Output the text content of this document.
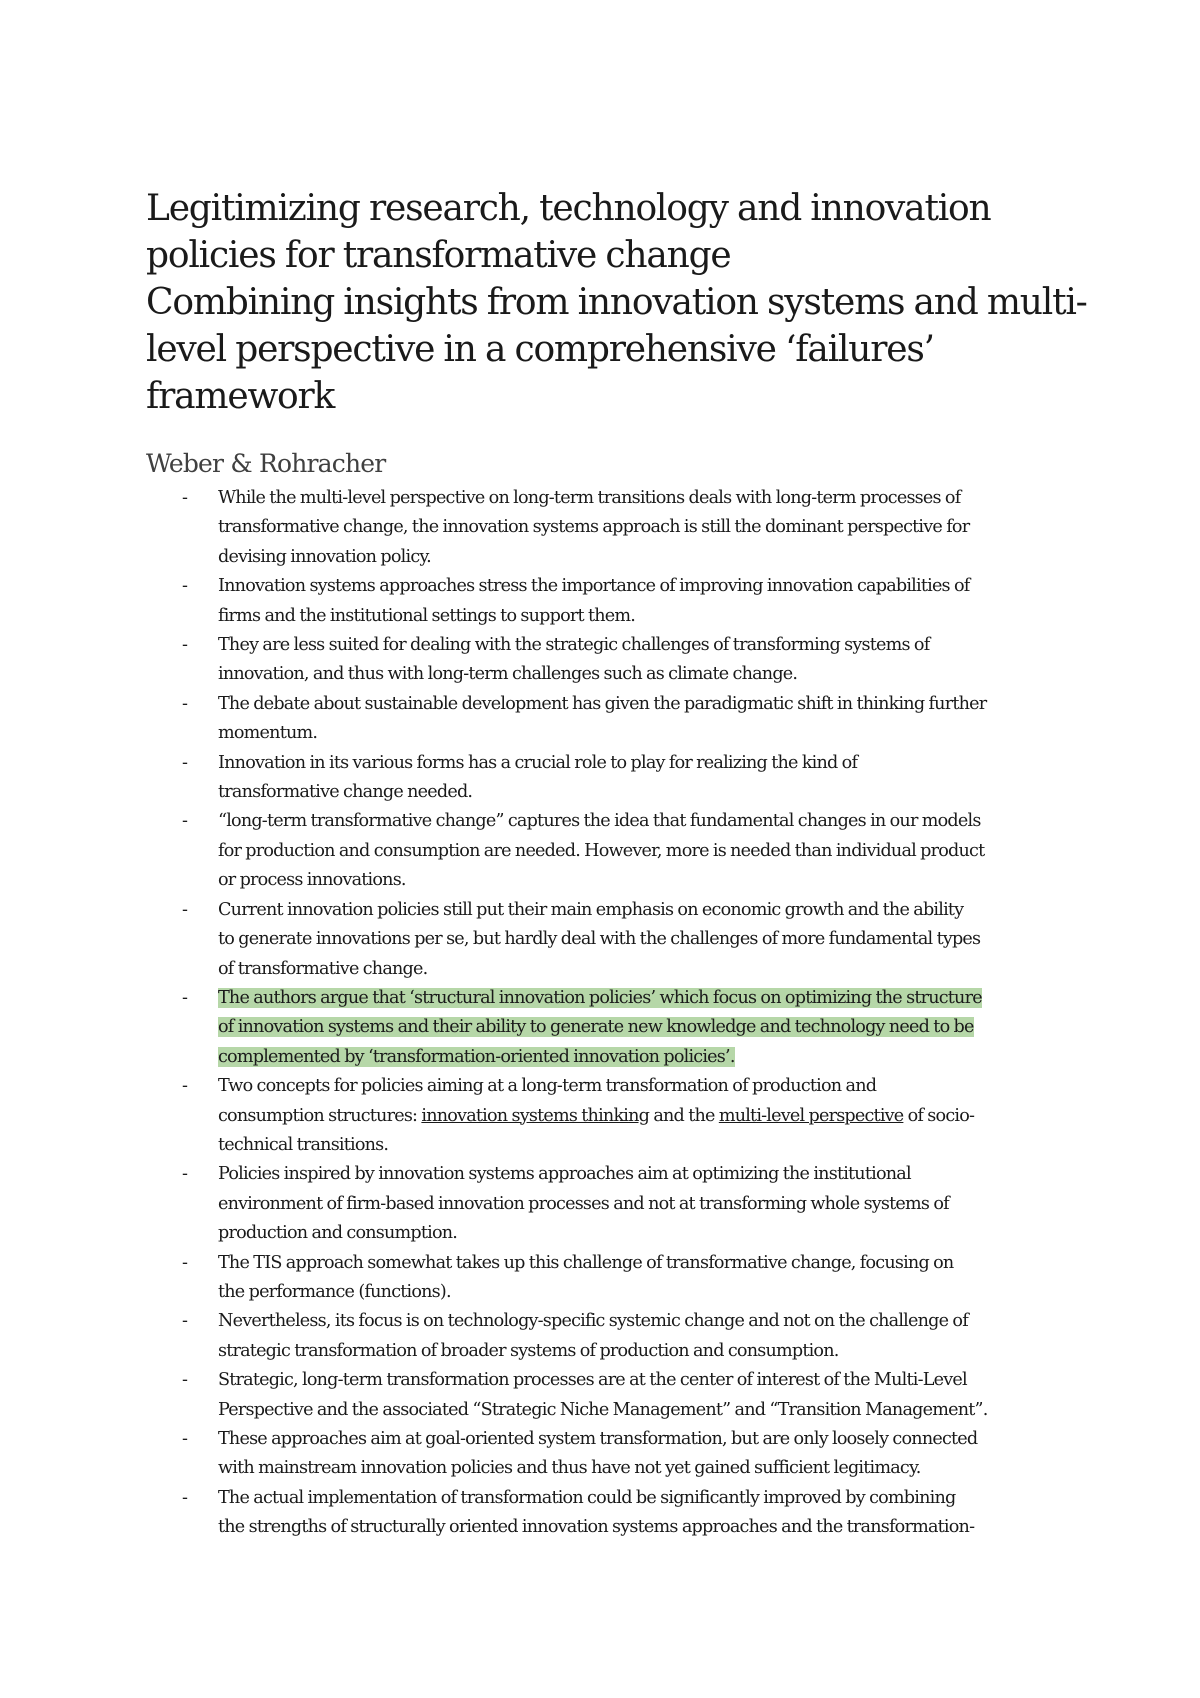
Legitimizing research, technology and innovation
policies for transformative change
Combining insights from innovation systems and multi-
level perspective in a comprehensive ‘failures’
framework
Weber & Rohracher
- While the multi-level perspective on long-term transitions deals with long-term processes of
transformative change, the innovation systems approach is still the dominant perspective for
devising innovation policy.
- Innovation systems approaches stress the importance of improving innovation capabilities of
firms and the institutional settings to support them.
- They are less suited for dealing with the strategic challenges of transforming systems of
innovation, and thus with long-term challenges such as climate change.
- The debate about sustainable development has given the paradigmatic shift in thinking further
momentum.
- Innovation in its various forms has a crucial role to play for realizing the kind of
transformative change needed.
- “long-term transformative change” captures the idea that fundamental changes in our models
for production and consumption are needed. However, more is needed than individual product
or process innovations.
- Current innovation policies still put their main emphasis on economic growth and the ability
to generate innovations per se, but hardly deal with the challenges of more fundamental types
of transformative change.
- The authors argue that ‘structural innovation policies’ which focus on optimizing the structure
of innovation systems and their ability to generate new knowledge and technology need to be
complemented by ‘transformation-oriented innovation policies’.
- Two concepts for policies aiming at a long-term transformation of production and
consumption structures: innovation systems thinking and the multi-level perspective of socio-
technical transitions.
- Policies inspired by innovation systems approaches aim at optimizing the institutional
environment of firm-based innovation processes and not at transforming whole systems of
production and consumption.
- The TIS approach somewhat takes up this challenge of transformative change, focusing on
the performance (functions).
- Nevertheless, its focus is on technology-specific systemic change and not on the challenge of
strategic transformation of broader systems of production and consumption.
- Strategic, long-term transformation processes are at the center of interest of the Multi-Level
Perspective and the associated “Strategic Niche Management” and “Transition Management”.
- These approaches aim at goal-oriented system transformation, but are only loosely connected
with mainstream innovation policies and thus have not yet gained sufficient legitimacy.
- The actual implementation of transformation could be significantly improved by combining
the strengths of structurally oriented innovation systems approaches and the transformation-
